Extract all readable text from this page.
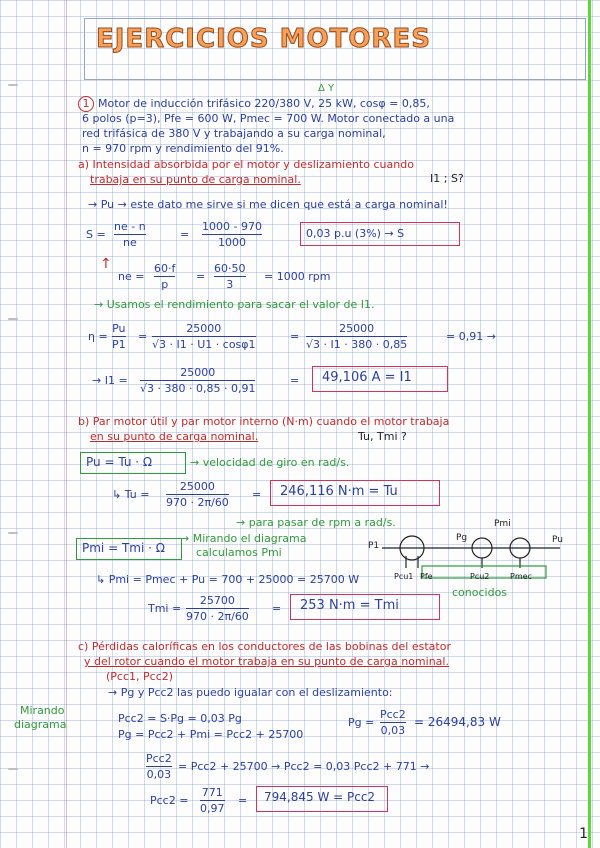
EJERCICIOS MOTORES
1
Δ Y
Motor de inducción trifásico 220/380 V, 25 kW, cosφ = 0,85,
6 polos (p=3), Pfe = 600 W, Pmec = 700 W. Motor conectado a una
red trifásica de 380 V y trabajando a su carga nominal,
n = 970 rpm y rendimiento del 91%.
a) Intensidad absorbida por el motor y deslizamiento cuando
trabaja en su punto de carga nominal.	I1 ; S?
→ Pu → este dato me sirve si me dicen que está a carga nominal!
S =
ne - n
ne
=
1000 - 970
1000
0,03 p.u (3%) → S
↑
ne =
60·f
p
=
60·50
3
= 1000 rpm
→ Usamos el rendimiento para sacar el valor de I1.
η =
Pu
P1
=
25000
√3 · I1 · U1 · cosφ1
=
25000
√3 · I1 · 380 · 0,85
= 0,91 →
→ I1 =
25000
√3 · 380 · 0,85 · 0,91
= 49,106 A = I1
b) Par motor útil y par motor interno (N·m) cuando el motor trabaja
en su punto de carga nominal.	Tu, Tmi ?
Pu = Tu · Ω	→ velocidad de giro en rad/s.
↳ Tu =
25000
970 · 2π/60
= 246,116 N·m = Tu
→ para pasar de rpm a rad/s.
Pmi = Tmi · Ω
→ Mirando el diagrama
calculamos Pmi	P1
Pg
Pmi
Pu
Pcu1 Pfe	Pcu2	Pmec
conocidos
↳ Pmi = Pmec + Pu = 700 + 25000 = 25700 W
Tmi =
25700
970 · 2π/60
= 253 N·m = Tmi
c) Pérdidas caloríficas en los conductores de las bobinas del estator
y del rotor cuando el motor trabaja en su punto de carga nominal.
(Pcc1, Pcc2)
→ Pg y Pcc2 las puedo igualar con el deslizamiento:
Mirando
diagrama	Pcc2 = S·Pg = 0,03 Pg
Pg = Pcc2 + Pmi = Pcc2 + 25700
Pg =
Pcc2
0,03
= 26494,83 W
Pcc2
0,03
= Pcc2 + 25700 → Pcc2 = 0,03 Pcc2 + 771 →
Pcc2 =
771
0,97
= 794,845 W = Pcc2
1
